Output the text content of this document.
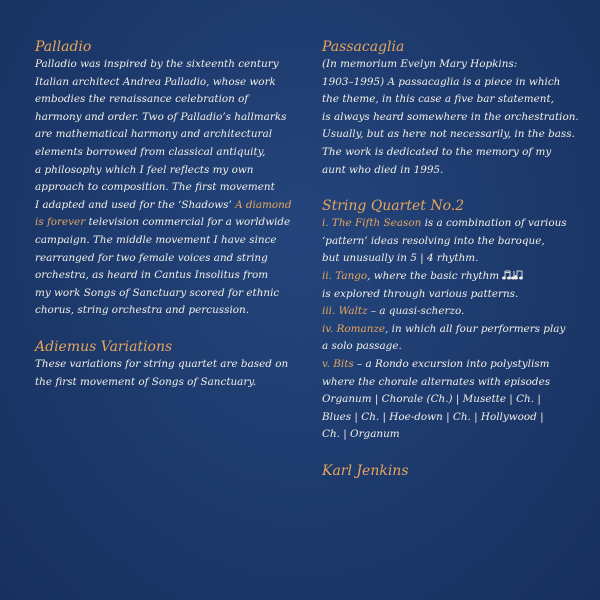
Palladio

Palladio was inspired by the sixteenth century
Italian architect Andrea Palladio, whose work
embodies the renaissance celebration of
harmony and order. Two of Palladio’s hallmarks
are mathematical harmony and architectural
elements borrowed from classical antiquity,
a philosophy which I feel reflects my own
approach to composition. The first movement
I adapted and used for the ‘Shadows’ A diamond
is forever television commercial for a worldwide
campaign. The middle movement I have since
rearranged for two female voices and string
orchestra, as heard in Cantus Insolitus from
my work Songs of Sanctuary scored for ethnic
chorus, string orchestra and percussion.

Adiemus Variations

These variations for string quartet are based on
the first movement of Songs of Sanctuary.

Passacaglia

(In memorium Evelyn Mary Hopkins:
1903–1995) A passacaglia is a piece in which
the theme, in this case a five bar statement,
is always heard somewhere in the orchestration.
Usually, but as here not necessarily, in the bass.
The work is dedicated to the memory of my
aunt who died in 1995.

String Quartet No.2

i. The Fifth Season is a combination of various
‘pattern’ ideas resolving into the baroque,
but unusually in 5 | 4 rhythm.
ii. Tango, where the basic rhythm
is explored through various patterns.
iii. Waltz – a quasi-scherzo.
iv. Romanze, in which all four performers play
a solo passage.
v. Bits – a Rondo excursion into polystylism
where the chorale alternates with episodes
Organum | Chorale (Ch.) | Musette | Ch. |
Blues | Ch. | Hoe-down | Ch. | Hollywood |
Ch. | Organum

Karl Jenkins
